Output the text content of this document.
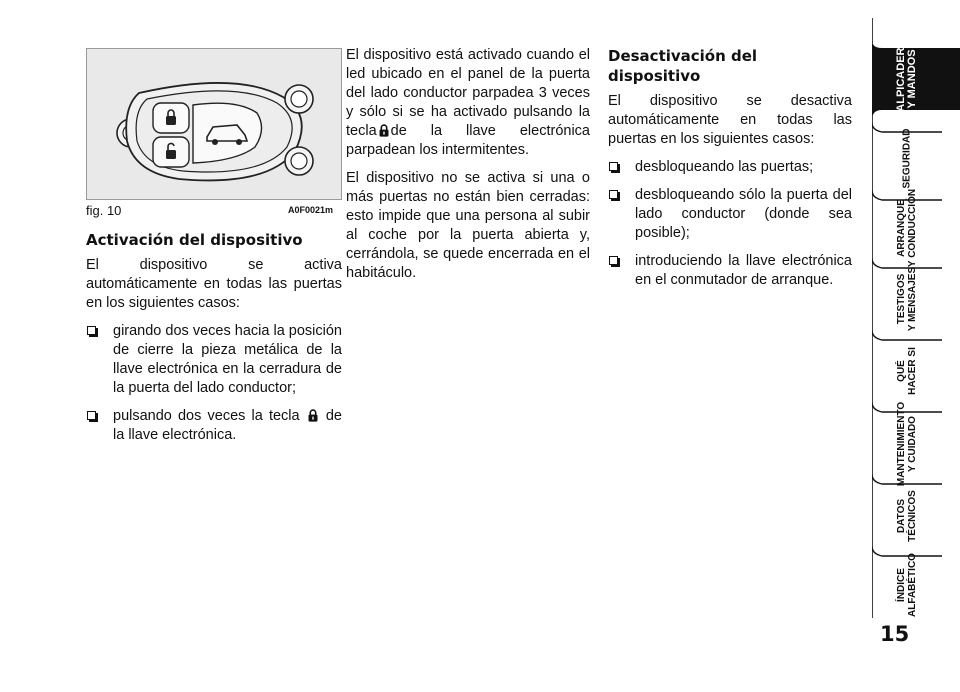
fig. 10	A0F0021m
Activación del dispositivo

El dispositivo se activa automáticamente en todas las puertas en los siguientes casos:

girando dos veces hacia la posición de cierre la pieza metálica de la llave electrónica en la cerradura de la puerta del lado conductor;
pulsando dos veces la tecla de la llave electrónica.

El dispositivo está activado cuando el led ubicado en el panel de la puerta del lado conductor parpadea 3 veces y sólo si se ha activado pulsando la tecla de la llave electrónica parpadean los intermitentes.

El dispositivo no se activa si una o más puertas no están bien cerradas: esto impide que una persona al subir al coche por la puerta abierta y, cerrándola, se quede encerrada en el habitáculo.

Desactivación del dispositivo

El dispositivo se desactiva automáticamente en todas las puertas en los siguientes casos:

desbloqueando las puertas;
desbloqueando sólo la puerta del lado conductor (donde sea posible);
introduciendo la llave electrónica en el conmutador de arranque.
SALPICADERO
Y MANDOS
SEGURIDAD
ARRANQUE
Y CONDUCCIÓN
TESTIGOS
Y MENSAJES
QUÉ
HACER SI
MANTENIMIENTO
Y CUIDADO
DATOS
TÉCNICOS
ÍNDICE
ALFABÉTICO
15
